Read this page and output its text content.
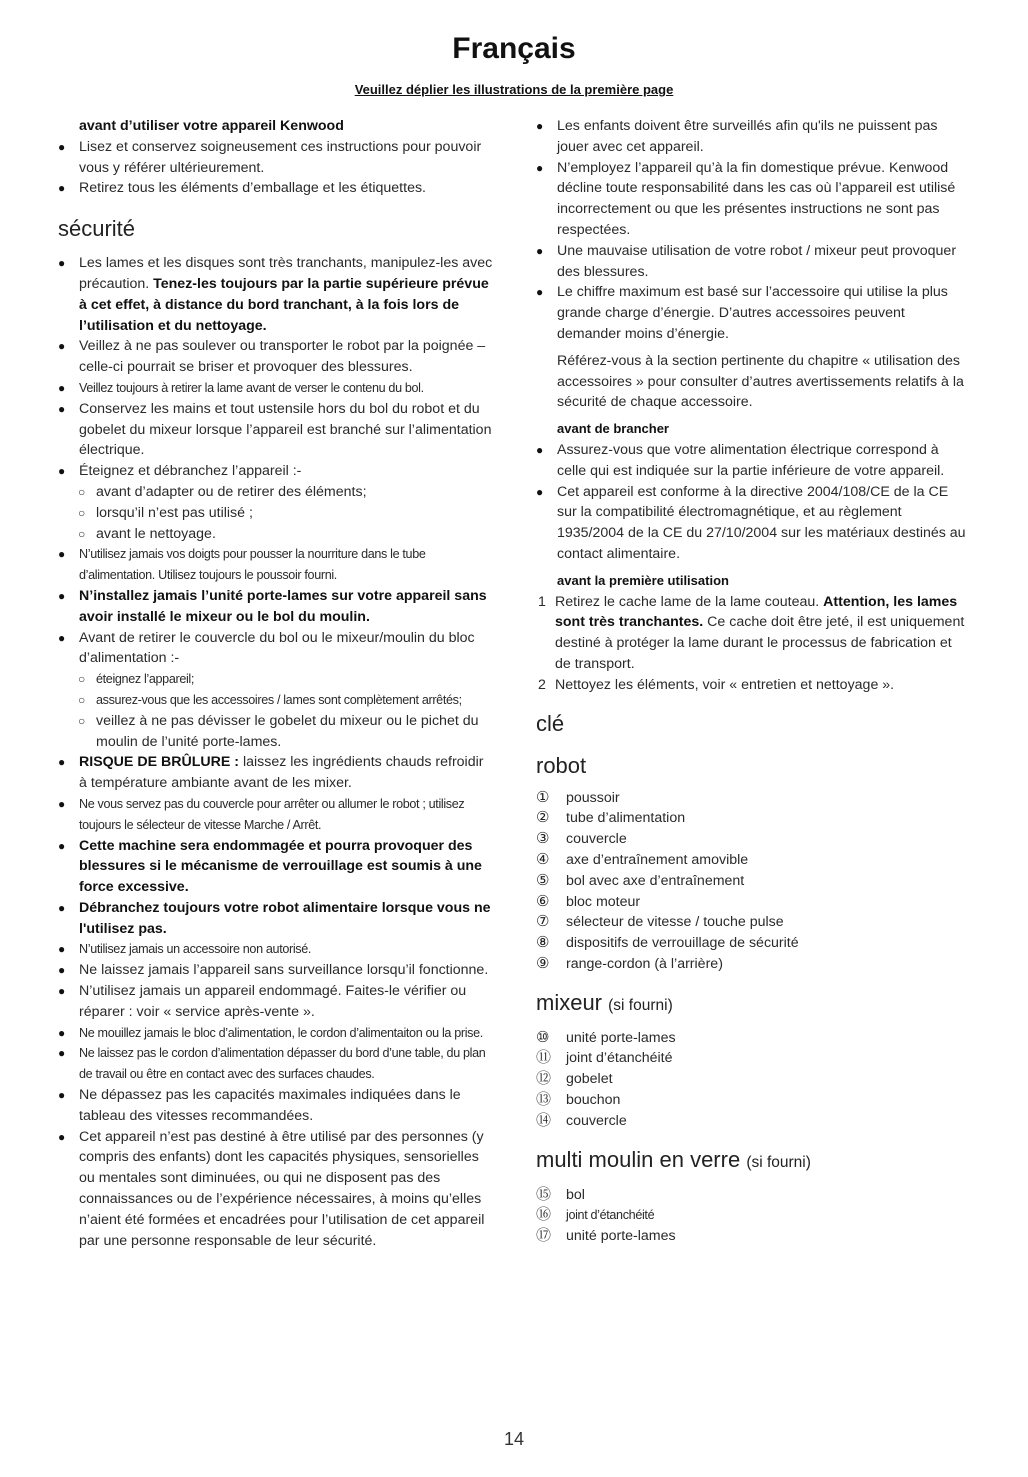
Français
Veuillez déplier les illustrations de la première page
avant d’utiliser votre appareil Kenwood
● Lisez et conservez soigneusement ces instructions pour pouvoir vous y référer ultérieurement.
● Retirez tous les éléments d’emballage et les étiquettes.
sécurité
● Les lames et les disques sont très tranchants, manipulez-les avec précaution. Tenez-les toujours par la partie supérieure prévue à cet effet, à distance du bord tranchant, à la fois lors de l’utilisation et du nettoyage.
● Veillez à ne pas soulever ou transporter le robot par la poignée – celle-ci pourrait se briser et provoquer des blessures.
● Veillez toujours à retirer la lame avant de verser le contenu du bol.
● Conservez les mains et tout ustensile hors du bol du robot et du gobelet du mixeur lorsque l’appareil est branché sur l’alimentation électrique.
● Éteignez et débranchez l’appareil :-
○ avant d’adapter ou de retirer des éléments;
○ lorsqu’il n’est pas utilisé ;
○ avant le nettoyage.
● N’utilisez jamais vos doigts pour pousser la nourriture dans le tube d’alimentation. Utilisez toujours le poussoir fourni.
● N’installez jamais l’unité porte-lames sur votre appareil sans avoir installé le mixeur ou le bol du moulin.
● Avant de retirer le couvercle du bol ou le mixeur/moulin du bloc d’alimentation :-
○ éteignez l’appareil;
○ assurez-vous que les accessoires / lames sont complètement arrêtés;
○ veillez à ne pas dévisser le gobelet du mixeur ou le pichet du moulin de l’unité porte-lames.
● RISQUE DE BRÛLURE : laissez les ingrédients chauds refroidir à température ambiante avant de les mixer.
● Ne vous servez pas du couvercle pour arrêter ou allumer le robot ; utilisez toujours le sélecteur de vitesse Marche / Arrêt.
● Cette machine sera endommagée et pourra provoquer des blessures si le mécanisme de verrouillage est soumis à une force excessive.
● Débranchez toujours votre robot alimentaire lorsque vous ne l'utilisez pas.
● N’utilisez jamais un accessoire non autorisé.
● Ne laissez jamais l’appareil sans surveillance lorsqu’il fonctionne.
● N’utilisez jamais un appareil endommagé. Faites-le vérifier ou réparer : voir « service après-vente ».
● Ne mouillez jamais le bloc d’alimentation, le cordon d’alimentaiton ou la prise.
● Ne laissez pas le cordon d’alimentation dépasser du bord d’une table, du plan de travail ou être en contact avec des surfaces chaudes.
● Ne dépassez pas les capacités maximales indiquées dans le tableau des vitesses recommandées.
● Cet appareil n’est pas destiné à être utilisé par des personnes (y compris des enfants) dont les capacités physiques, sensorielles ou mentales sont diminuées, ou qui ne disposent pas des connaissances ou de l’expérience nécessaires, à moins qu’elles n’aient été formées et encadrées pour l’utilisation de cet appareil par une personne responsable de leur sécurité.
● Les enfants doivent être surveillés afin qu'ils ne puissent pas jouer avec cet appareil.
● N’employez l’appareil qu’à la fin domestique prévue. Kenwood décline toute responsabilité dans les cas où l’appareil est utilisé incorrectement ou que les présentes instructions ne sont pas respectées.
● Une mauvaise utilisation de votre robot / mixeur peut provoquer des blessures.
● Le chiffre maximum est basé sur l’accessoire qui utilise la plus grande charge d’énergie. D’autres accessoires peuvent demander moins d’énergie.

Référez-vous à la section pertinente du chapitre « utilisation des accessoires » pour consulter d’autres avertissements relatifs à la sécurité de chaque accessoire.

avant de brancher
● Assurez-vous que votre alimentation électrique correspond à celle qui est indiquée sur la partie inférieure de votre appareil.
● Cet appareil est conforme à la directive 2004/108/CE de la CE sur la compatibilité électromagnétique, et au règlement 1935/2004 de la CE du 27/10/2004 sur les matériaux destinés au contact alimentaire.
avant la première utilisation
1 Retirez le cache lame de la lame couteau. Attention, les lames sont très tranchantes. Ce cache doit être jeté, il est uniquement destiné à protéger la lame durant le processus de fabrication et de transport.
2 Nettoyez les éléments, voir « entretien et nettoyage ».
clé
robot
① poussoir
② tube d’alimentation
③ couvercle
④ axe d’entraînement amovible
⑤ bol avec axe d’entraînement
⑥ bloc moteur
⑦ sélecteur de vitesse / touche pulse
⑧ dispositifs de verrouillage de sécurité
⑨ range-cordon (à l’arrière)
mixeur (si fourni)
⑩ unité porte-lames
⑪ joint d’étanchéité
⑫ gobelet
⑬ bouchon
⑭ couvercle
multi moulin en verre (si fourni)
⑮ bol
⑯ joint d’étanchéité
⑰ unité porte-lames
14
